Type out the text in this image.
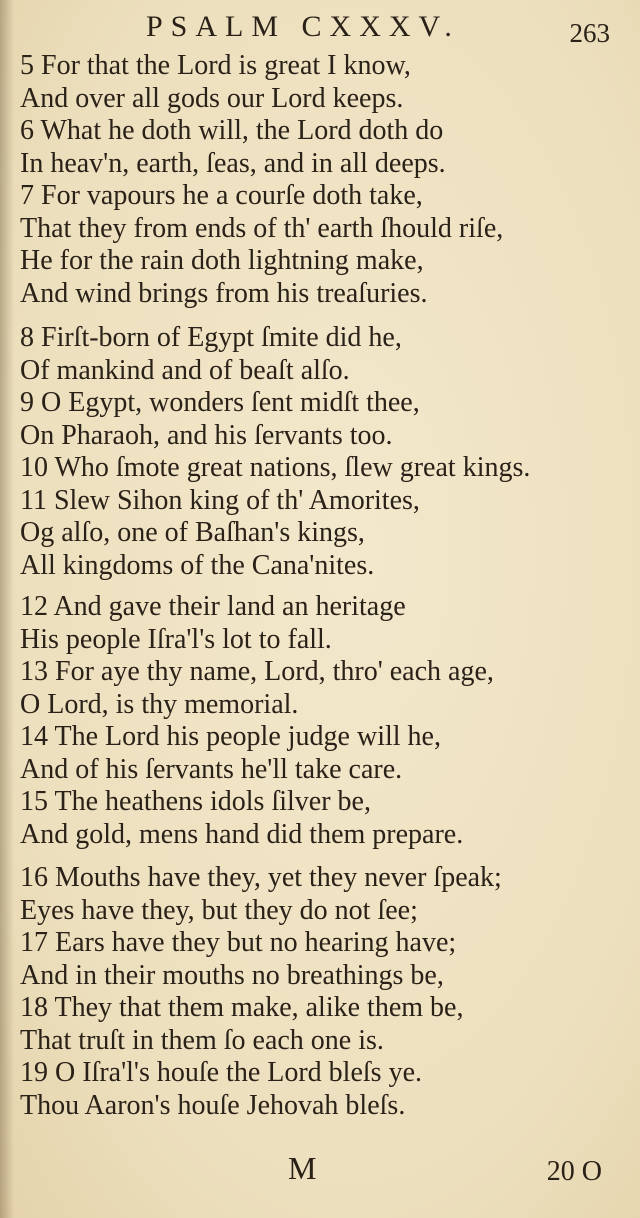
PSALM CXXXV.	263
5 For that the Lord is great I know,
And over all gods our Lord keeps.
6 What he doth will, the Lord doth do
In heav'n, earth, ſeas, and in all deeps.
7 For vapours he a courſe doth take,
That they from ends of th' earth ſhould riſe,
He for the rain doth lightning make,
And wind brings from his treaſuries.
8 Firſt-born of Egypt ſmite did he,
Of mankind and of beaſt alſo.
9 O Egypt, wonders ſent midſt thee,
On Pharaoh, and his ſervants too.
10 Who ſmote great nations, ſlew great kings.
11 Slew Sihon king of th' Amorites,
Og alſo, one of Baſhan's kings,
All kingdoms of the Cana'nites.
12 And gave their land an heritage
His people Iſra'l's lot to fall.
13 For aye thy name, Lord, thro' each age,
O Lord, is thy memorial.
14 The Lord his people judge will he,
And of his ſervants he'll take care.
15 The heathens idols ſilver be,
And gold, mens hand did them prepare.
16 Mouths have they, yet they never ſpeak;
Eyes have they, but they do not ſee;
17 Ears have they but no hearing have;
And in their mouths no breathings be,
18 They that them make, alike them be,
That truſt in them ſo each one is.
19 O Iſra'l's houſe the Lord bleſs ye.
Thou Aaron's houſe Jehovah bleſs.
M	20 O
